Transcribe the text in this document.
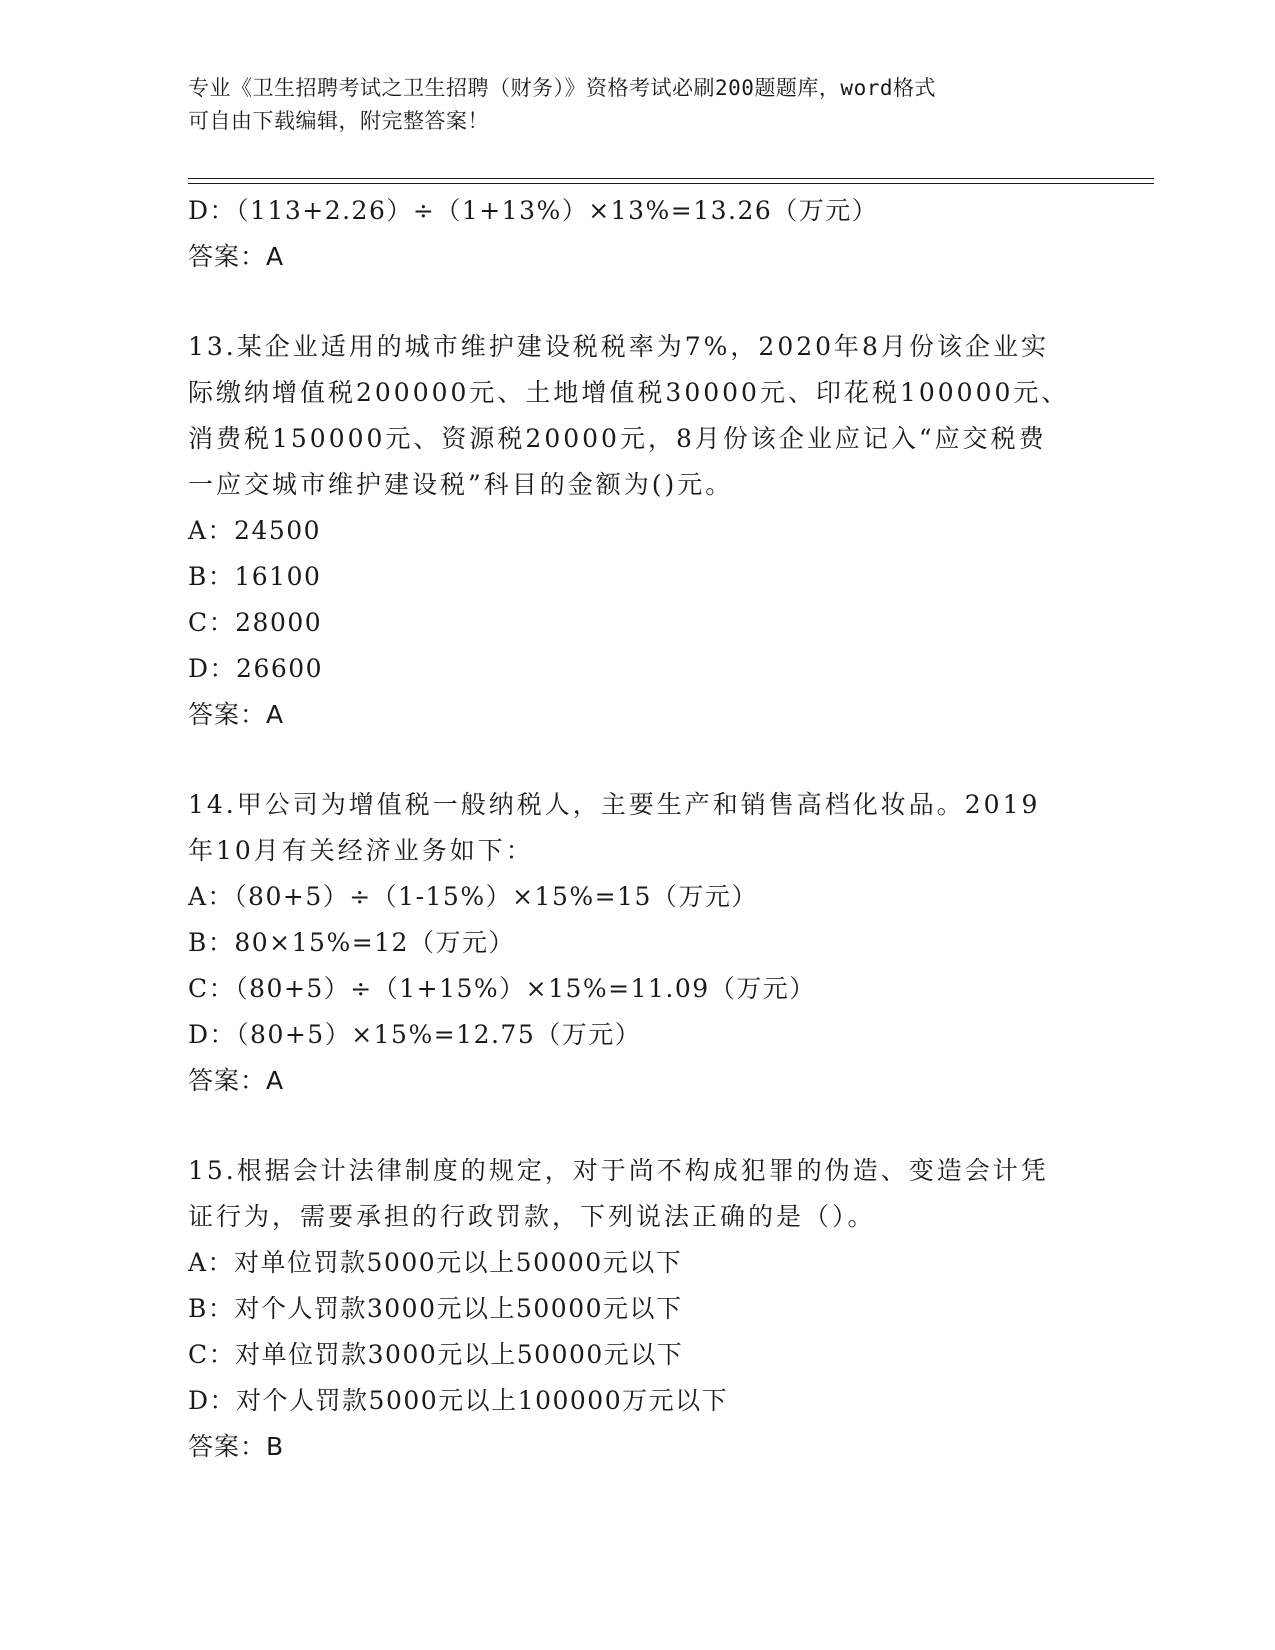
专业《卫生招聘考试之卫生招聘（财务）》资格考试必刷200题题库，word格式
可自由下载编辑，附完整答案！
D：（113+2.26）÷（1+13%）×13%=13.26（万元）
答案：A
13.某企业适用的城市维护建设税税率为7%，2020年8月份该企业实
际缴纳增值税200000元、土地增值税30000元、印花税100000元、
消费税150000元、资源税20000元，8月份该企业应记入“应交税费
一应交城市维护建设税”科目的金额为()元。
A：24500
B：16100
C：28000
D：26600
答案：A
14.甲公司为增值税一般纳税人，主要生产和销售高档化妆品。2019
年10月有关经济业务如下：
A：（80+5）÷（1-15%）×15%=15（万元）
B：80×15%=12（万元）
C：（80+5）÷（1+15%）×15%=11.09（万元）
D：（80+5）×15%=12.75（万元）
答案：A
15.根据会计法律制度的规定，对于尚不构成犯罪的伪造、变造会计凭
证行为，需要承担的行政罚款，下列说法正确的是（）。
A：对单位罚款5000元以上50000元以下
B：对个人罚款3000元以上50000元以下
C：对单位罚款3000元以上50000元以下
D：对个人罚款5000元以上100000万元以下
答案：B
